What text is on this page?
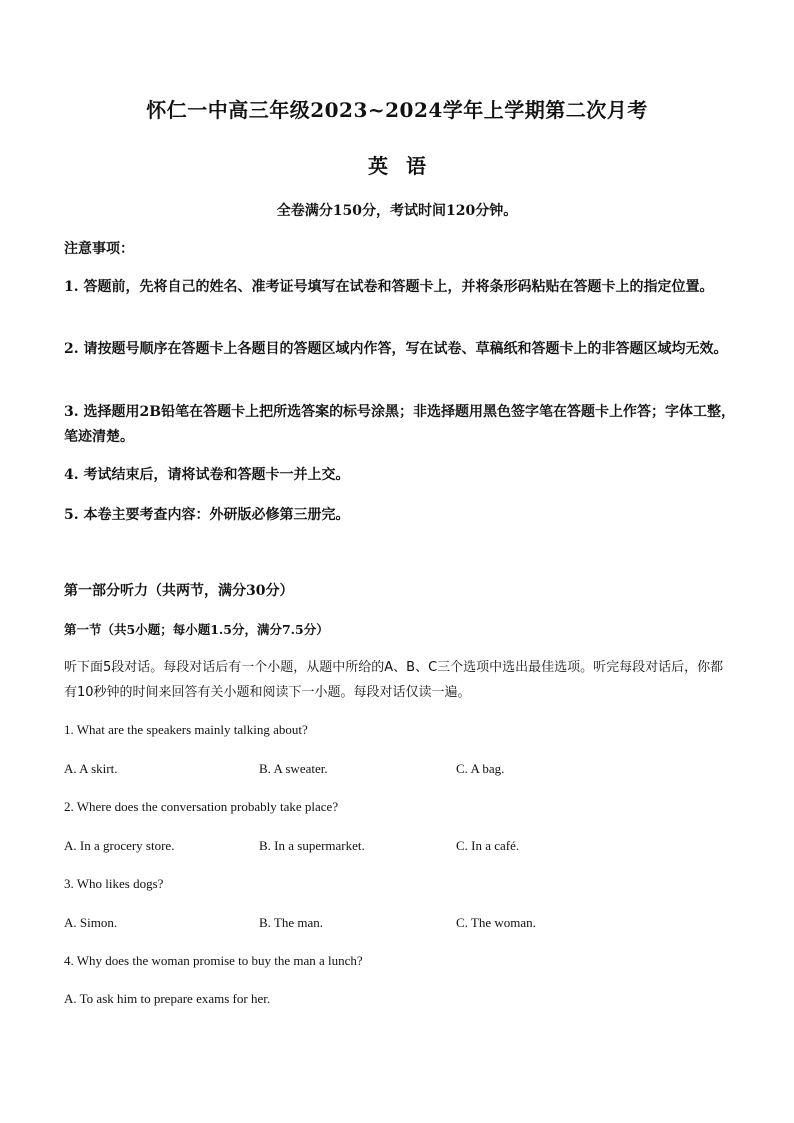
怀仁一中高三年级2023~2024学年上学期第二次月考
英语
全卷满分150分，考试时间120分钟。
注意事项：
1. 答题前，先将自己的姓名、准考证号填写在试卷和答题卡上，并将条形码粘贴在答题卡上的指定位置。
2. 请按题号顺序在答题卡上各题目的答题区域内作答，写在试卷、草稿纸和答题卡上的非答题区域均无效。
3. 选择题用2B铅笔在答题卡上把所选答案的标号涂黑；非选择题用黑色签字笔在答题卡上作答；字体工整，笔迹清楚。
4. 考试结束后，请将试卷和答题卡一并上交。
5. 本卷主要考查内容：外研版必修第三册完。
第一部分听力（共两节，满分30分）
第一节（共5小题；每小题1.5分，满分7.5分）
听下面5段对话。每段对话后有一个小题，从题中所给的A、B、C三个选项中选出最佳选项。听完每段对话后，你都有10秒钟的时间来回答有关小题和阅读下一小题。每段对话仅读一遍。
1. What are the speakers mainly talking about?
A. A skirt.	B. A sweater.	C. A bag.
2. Where does the conversation probably take place?
A. In a grocery store.	B. In a supermarket.	C. In a café.
3. Who likes dogs?
A. Simon.	B. The man.	C. The woman.
4. Why does the woman promise to buy the man a lunch?
A. To ask him to prepare exams for her.
